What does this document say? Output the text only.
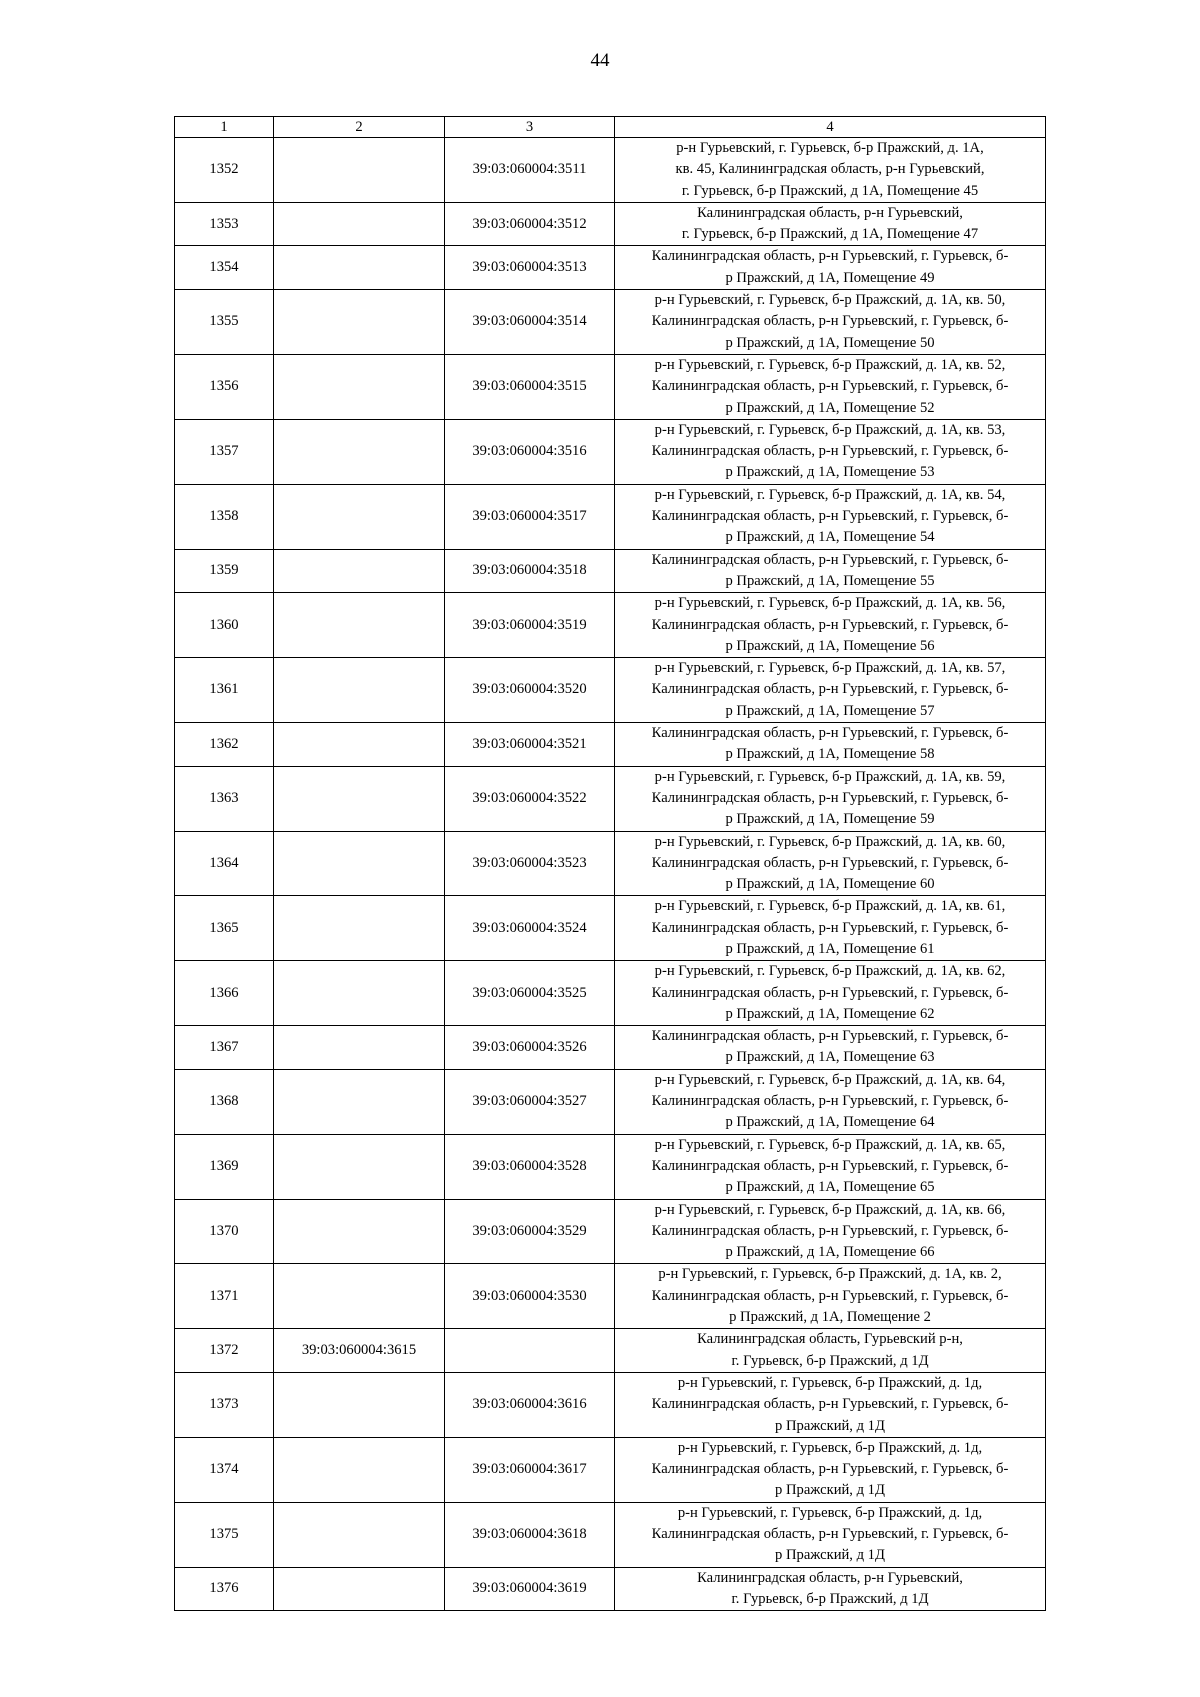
44
1	2	3	4
1352		39:03:060004:3511	р-н Гурьевский, г. Гурьевск, б-р Пражский, д. 1А,
кв. 45, Калининградская область, р-н Гурьевский,
г. Гурьевск, б-р Пражский, д 1А, Помещение 45

1353		39:03:060004:3512	Калининградская область, р-н Гурьевский,
г. Гурьевск, б-р Пражский, д 1А, Помещение 47

1354		39:03:060004:3513	Калининградская область, р-н Гурьевский, г. Гурьевск, б-
р Пражский, д 1А, Помещение 49

1355		39:03:060004:3514	р-н Гурьевский, г. Гурьевск, б-р Пражский, д. 1А, кв. 50,
Калининградская область, р-н Гурьевский, г. Гурьевск, б-
р Пражский, д 1А, Помещение 50

1356		39:03:060004:3515	р-н Гурьевский, г. Гурьевск, б-р Пражский, д. 1А, кв. 52,
Калининградская область, р-н Гурьевский, г. Гурьевск, б-
р Пражский, д 1А, Помещение 52

1357		39:03:060004:3516	р-н Гурьевский, г. Гурьевск, б-р Пражский, д. 1А, кв. 53,
Калининградская область, р-н Гурьевский, г. Гурьевск, б-
р Пражский, д 1А, Помещение 53

1358		39:03:060004:3517	р-н Гурьевский, г. Гурьевск, б-р Пражский, д. 1А, кв. 54,
Калининградская область, р-н Гурьевский, г. Гурьевск, б-
р Пражский, д 1А, Помещение 54

1359		39:03:060004:3518	Калининградская область, р-н Гурьевский, г. Гурьевск, б-
р Пражский, д 1А, Помещение 55

1360		39:03:060004:3519	р-н Гурьевский, г. Гурьевск, б-р Пражский, д. 1А, кв. 56,
Калининградская область, р-н Гурьевский, г. Гурьевск, б-
р Пражский, д 1А, Помещение 56

1361		39:03:060004:3520	р-н Гурьевский, г. Гурьевск, б-р Пражский, д. 1А, кв. 57,
Калининградская область, р-н Гурьевский, г. Гурьевск, б-
р Пражский, д 1А, Помещение 57

1362		39:03:060004:3521	Калининградская область, р-н Гурьевский, г. Гурьевск, б-
р Пражский, д 1А, Помещение 58

1363		39:03:060004:3522	р-н Гурьевский, г. Гурьевск, б-р Пражский, д. 1А, кв. 59,
Калининградская область, р-н Гурьевский, г. Гурьевск, б-
р Пражский, д 1А, Помещение 59

1364		39:03:060004:3523	р-н Гурьевский, г. Гурьевск, б-р Пражский, д. 1А, кв. 60,
Калининградская область, р-н Гурьевский, г. Гурьевск, б-
р Пражский, д 1А, Помещение 60

1365		39:03:060004:3524	р-н Гурьевский, г. Гурьевск, б-р Пражский, д. 1А, кв. 61,
Калининградская область, р-н Гурьевский, г. Гурьевск, б-
р Пражский, д 1А, Помещение 61

1366		39:03:060004:3525	р-н Гурьевский, г. Гурьевск, б-р Пражский, д. 1А, кв. 62,
Калининградская область, р-н Гурьевский, г. Гурьевск, б-
р Пражский, д 1А, Помещение 62

1367		39:03:060004:3526	Калининградская область, р-н Гурьевский, г. Гурьевск, б-
р Пражский, д 1А, Помещение 63

1368		39:03:060004:3527	р-н Гурьевский, г. Гурьевск, б-р Пражский, д. 1А, кв. 64,
Калининградская область, р-н Гурьевский, г. Гурьевск, б-
р Пражский, д 1А, Помещение 64

1369		39:03:060004:3528	р-н Гурьевский, г. Гурьевск, б-р Пражский, д. 1А, кв. 65,
Калининградская область, р-н Гурьевский, г. Гурьевск, б-
р Пражский, д 1А, Помещение 65

1370		39:03:060004:3529	р-н Гурьевский, г. Гурьевск, б-р Пражский, д. 1А, кв. 66,
Калининградская область, р-н Гурьевский, г. Гурьевск, б-
р Пражский, д 1А, Помещение 66

1371		39:03:060004:3530	р-н Гурьевский, г. Гурьевск, б-р Пражский, д. 1А, кв. 2,
Калининградская область, р-н Гурьевский, г. Гурьевск, б-
р Пражский, д 1А, Помещение 2

1372	39:03:060004:3615		Калининградская область, Гурьевский р-н,
г. Гурьевск, б-р Пражский, д 1Д

1373		39:03:060004:3616	р-н Гурьевский, г. Гурьевск, б-р Пражский, д. 1д,
Калининградская область, р-н Гурьевский, г. Гурьевск, б-
р Пражский, д 1Д

1374		39:03:060004:3617	р-н Гурьевский, г. Гурьевск, б-р Пражский, д. 1д,
Калининградская область, р-н Гурьевский, г. Гурьевск, б-
р Пражский, д 1Д

1375		39:03:060004:3618	р-н Гурьевский, г. Гурьевск, б-р Пражский, д. 1д,
Калининградская область, р-н Гурьевский, г. Гурьевск, б-
р Пражский, д 1Д

1376		39:03:060004:3619	Калининградская область, р-н Гурьевский,
г. Гурьевск, б-р Пражский, д 1Д
